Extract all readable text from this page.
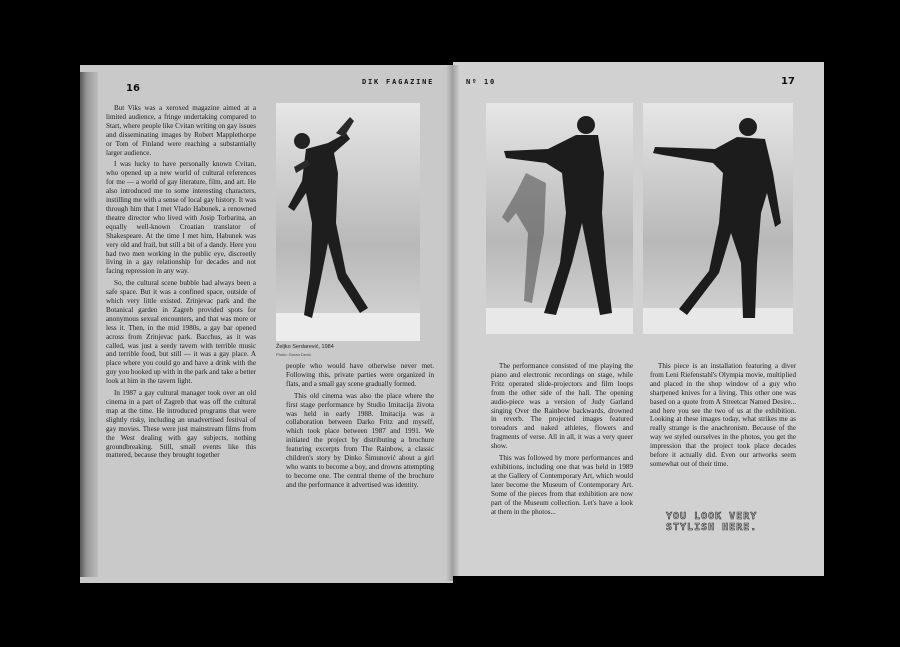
16
DIK FAGAZINE

But Viks was a xeroxed magazine aimed at a limited audience, a fringe undertaking compared to Start, where people like Cvitan writing on gay issues and disseminating images by Robert Mapplethorpe or Tom of Finland were reaching a substantially larger audience.

I was lucky to have personally known Cvitan, who opened up a new world of cultural references for me — a world of gay literature, film, and art. He also introduced me to some interesting characters, instilling me with a sense of local gay history. It was through him that I met Vlado Habunek, a renowned theatre director who lived with Josip Torbarina, an equally well-known Croatian translator of Shakespeare. At the time I met him, Habunek was very old and frail, but still a bit of a dandy. Here you had two men working in the public eye, discreetly living in a gay relationship for decades and not facing repression in any way.

So, the cultural scene bubble had always been a safe space. But it was a confined space, outside of which very little existed. Zrinjevac park and the Botanical garden in Zagreb provided spots for anonymous sexual encounters, and that was more or less it. Then, in the mid 1980s, a gay bar opened across from Zrinjevac park. Bacchus, as it was called, was just a seedy tavern with terrible music and terrible food, but still — it was a gay place. A place where you could go and have a drink with the guy you hooked up with in the park and take a better look at him in the tavern light.

In 1987 a gay cultural manager took over an old cinema in a part of Zagreb that was off the cultural map at the time. He introduced programs that were slightly risky, including an unadvertised festival of gay movies. These were just mainstream films from the West dealing with gay subjects, nothing groundbreaking. Still, small events like this mattered, because they brought together

Željko Serdarević, 1984
Photo: Goran Dević

people who would have otherwise never met. Following this, private parties were organized in flats, and a small gay scene gradually formed.

This old cinema was also the place where the first stage performance by Studio Imitacija života was held in early 1988. Imitacija was a collaboration between Darko Fritz and myself, which took place between 1987 and 1991. We initiated the project by distributing a brochure featuring excerpts from The Rainbow, a classic children's story by Dinko Šimunović about a girl who wants to become a boy, and drowns attempting to become one. The central theme of the brochure and the performance it advertised was identity.

Nº 10	17

The performance consisted of me playing the piano and electronic recordings on stage, while Fritz operated slide-projectors and film loops from the other side of the hall. The opening audio-piece was a version of Judy Garland singing Over the Rainbow backwards, drowned in reverb. The projected images featured toreadors and naked athletes, flowers and fragments of verse. All in all, it was a very queer show.

This was followed by more performances and exhibitions, including one that was held in 1989 at the Gallery of Contemporary Art, which would later become the Museum of Contemporary Art. Some of the pieces from that exhibition are now part of the Museum collection. Let's have a look at them in the photos...

This piece is an installation featuring a diver from Leni Riefenstahl's Olympia movie, multiplied and placed in the shop window of a guy who sharpened knives for a living. This other one was based on a quote from A Streetcar Named Desire... and here you see the two of us at the exhibition. Looking at these images today, what strikes me as really strange is the anachronism. Because of the way we styled ourselves in the photos, you get the impression that the project took place decades before it actually did. Even our artworks seem somewhat out of their time.

YOU LOOK VERY
STYLISH HERE.
